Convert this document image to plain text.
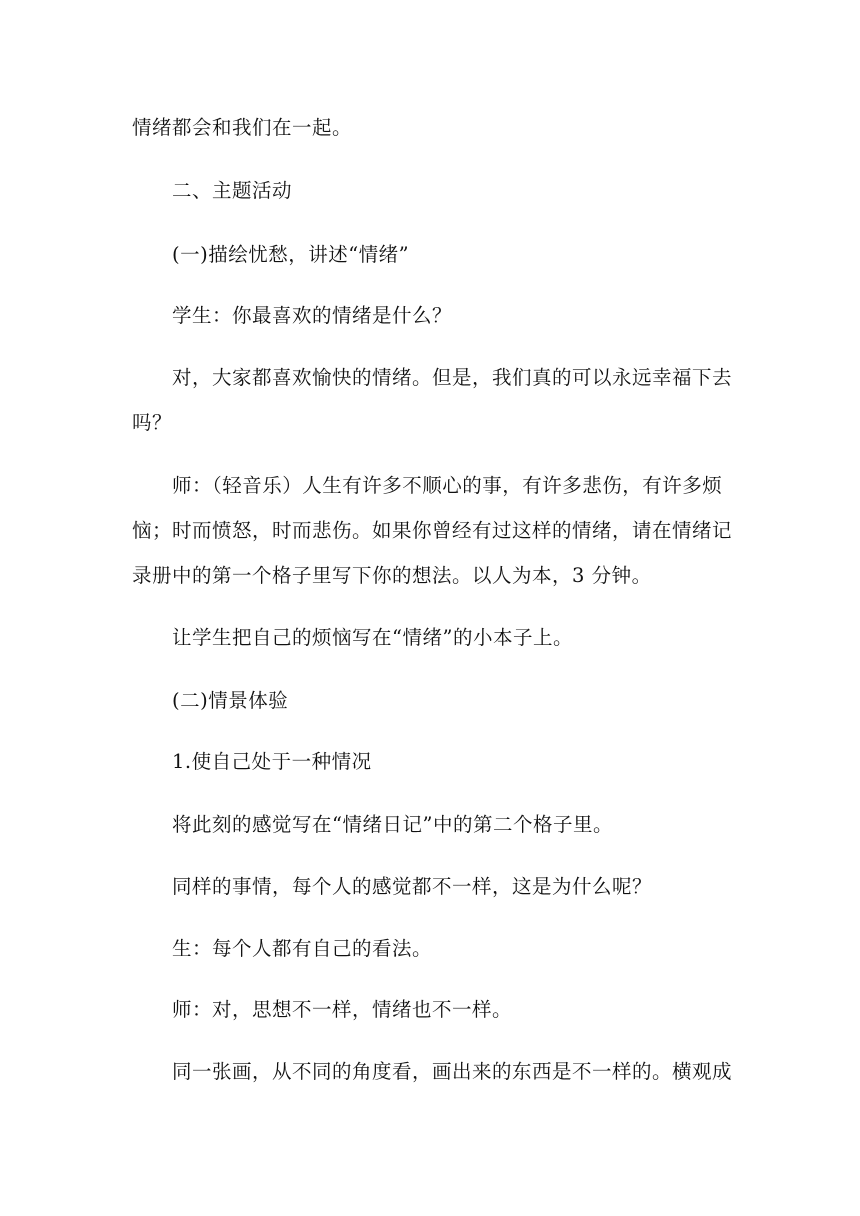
情绪都会和我们在一起。
二、主题活动
(一)描绘忧愁，讲述“情绪”
学生：你最喜欢的情绪是什么？
对，大家都喜欢愉快的情绪。但是，我们真的可以永远幸福下去
吗？
师：（轻音乐）人生有许多不顺心的事，有许多悲伤，有许多烦
恼；时而愤怒，时而悲伤。如果你曾经有过这样的情绪，请在情绪记
录册中的第一个格子里写下你的想法。以人为本，3 分钟。
让学生把自己的烦恼写在“情绪”的小本子上。
(二)情景体验
1.使自己处于一种情况
将此刻的感觉写在“情绪日记”中的第二个格子里。
同样的事情，每个人的感觉都不一样，这是为什么呢？
生：每个人都有自己的看法。
师：对，思想不一样，情绪也不一样。
同一张画，从不同的角度看，画出来的东西是不一样的。横观成
